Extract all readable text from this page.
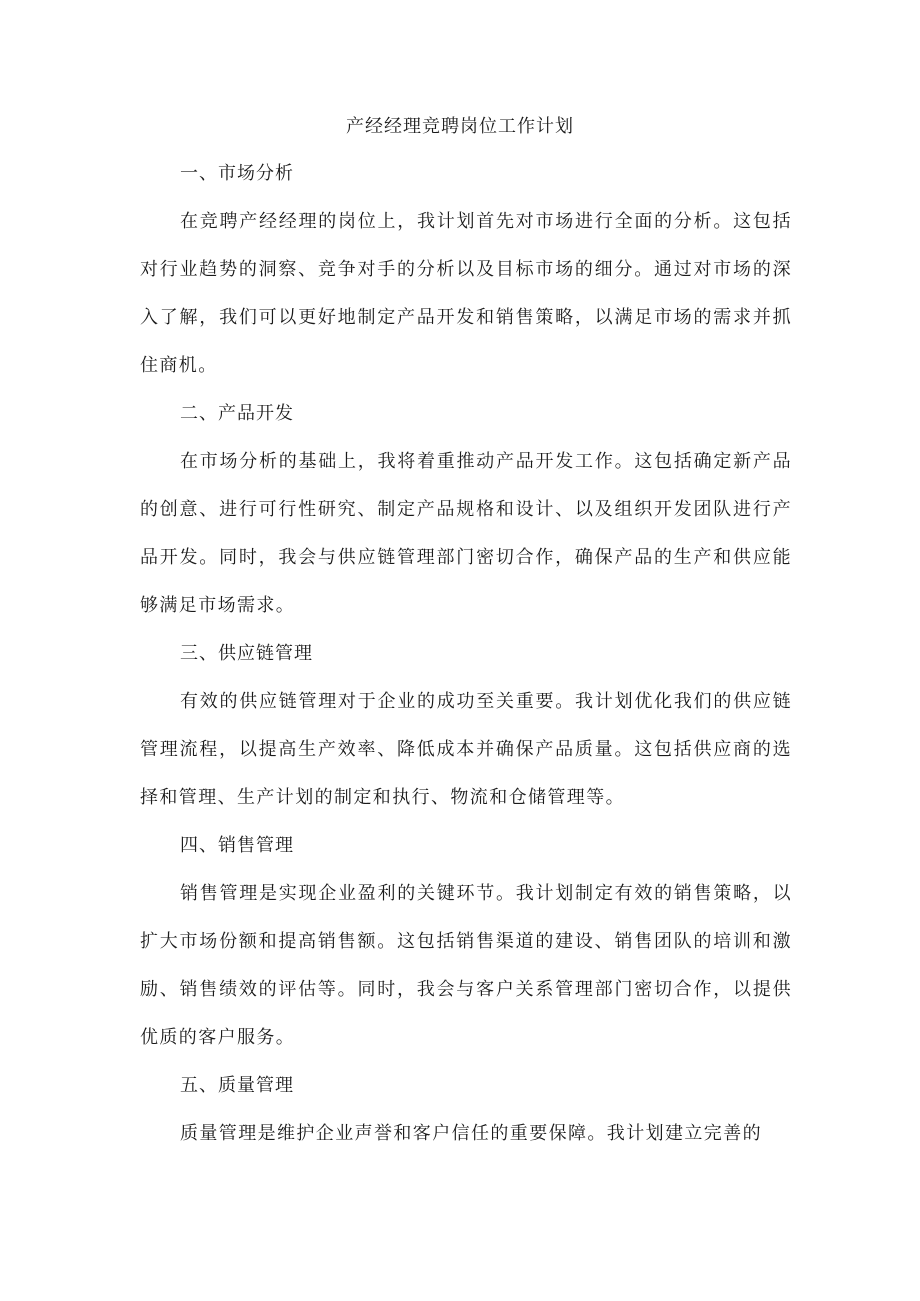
产经经理竞聘岗位工作计划
一、市场分析

在竞聘产经经理的岗位上，我计划首先对市场进行全面的分析。这包括对行业趋势的洞察、竞争对手的分析以及目标市场的细分。通过对市场的深入了解，我们可以更好地制定产品开发和销售策略，以满足市场的需求并抓住商机。

二、产品开发

在市场分析的基础上，我将着重推动产品开发工作。这包括确定新产品的创意、进行可行性研究、制定产品规格和设计、以及组织开发团队进行产品开发。同时，我会与供应链管理部门密切合作，确保产品的生产和供应能够满足市场需求。

三、供应链管理

有效的供应链管理对于企业的成功至关重要。我计划优化我们的供应链管理流程，以提高生产效率、降低成本并确保产品质量。这包括供应商的选择和管理、生产计划的制定和执行、物流和仓储管理等。

四、销售管理

销售管理是实现企业盈利的关键环节。我计划制定有效的销售策略，以扩大市场份额和提高销售额。这包括销售渠道的建设、销售团队的培训和激励、销售绩效的评估等。同时，我会与客户关系管理部门密切合作，以提供优质的客户服务。

五、质量管理

质量管理是维护企业声誉和客户信任的重要保障。我计划建立完善的
